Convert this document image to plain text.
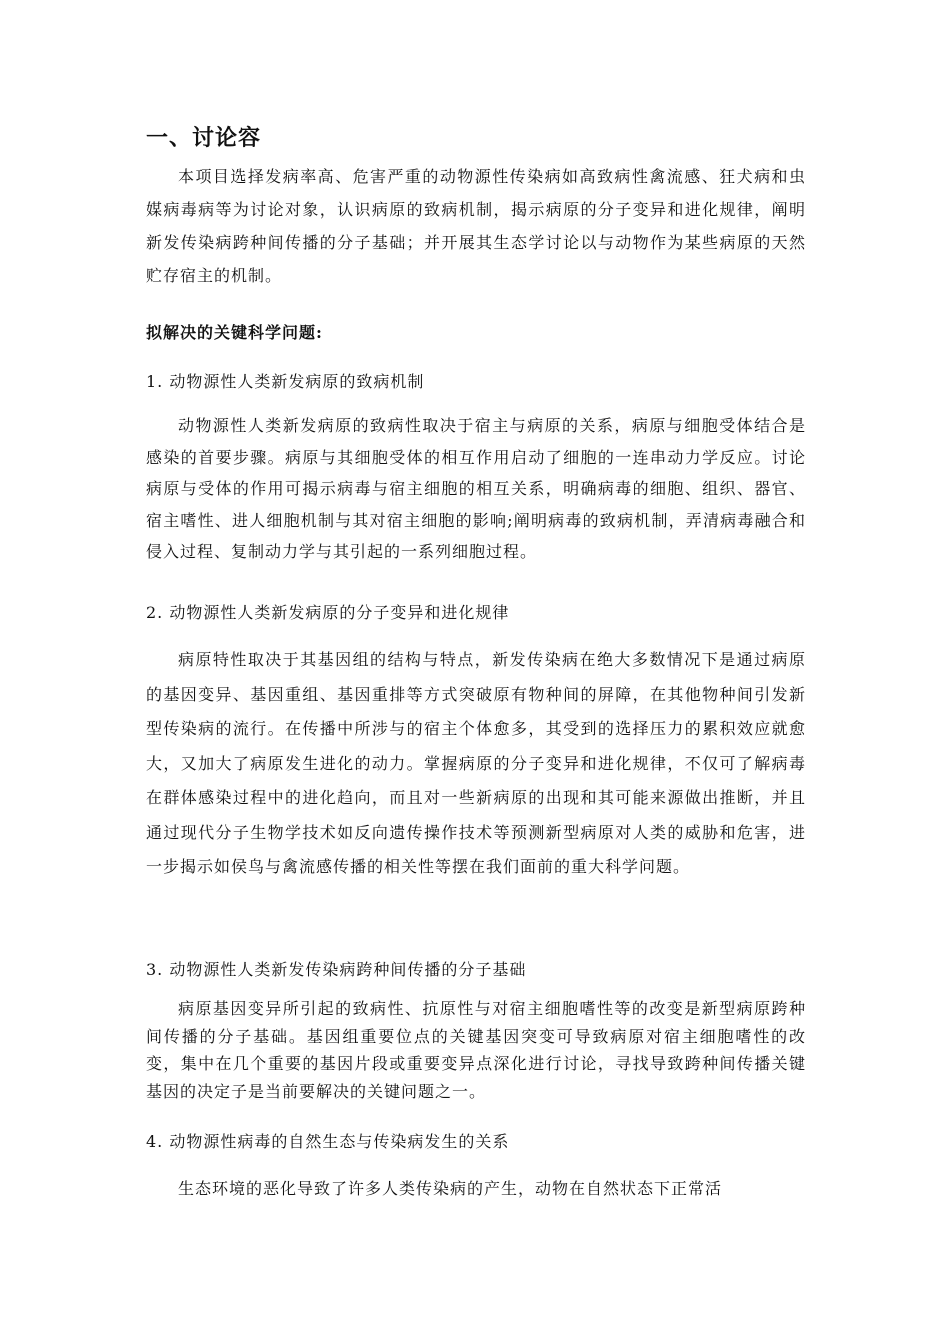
一、讨论容

本项目选择发病率高、危害严重的动物源性传染病如高致病性禽流感、狂犬病和虫媒病毒病等为讨论对象，认识病原的致病机制，揭示病原的分子变异和进化规律，阐明新发传染病跨种间传播的分子基础；并开展其生态学讨论以与动物作为某些病原的天然贮存宿主的机制。

拟解决的关键科学问题:
1. 动物源性人类新发病原的致病机制

动物源性人类新发病原的致病性取决于宿主与病原的关系，病原与细胞受体结合是感染的首要步骤。病原与其细胞受体的相互作用启动了细胞的一连串动力学反应。讨论病原与受体的作用可揭示病毒与宿主细胞的相互关系，明确病毒的细胞、组织、器官、宿主嗜性、进人细胞机制与其对宿主细胞的影响;阐明病毒的致病机制，弄清病毒融合和侵入过程、复制动力学与其引起的一系列细胞过程。

2. 动物源性人类新发病原的分子变异和进化规律

病原特性取决于其基因组的结构与特点，新发传染病在绝大多数情况下是通过病原的基因变异、基因重组、基因重排等方式突破原有物种间的屏障，在其他物种间引发新型传染病的流行。在传播中所涉与的宿主个体愈多，其受到的选择压力的累积效应就愈大，又加大了病原发生进化的动力。掌握病原的分子变异和进化规律，不仅可了解病毒在群体感染过程中的进化趋向，而且对一些新病原的出现和其可能来源做出推断，并且通过现代分子生物学技术如反向遗传操作技术等预测新型病原对人类的威胁和危害，进一步揭示如侯鸟与禽流感传播的相关性等摆在我们面前的重大科学问题。

3. 动物源性人类新发传染病跨种间传播的分子基础

病原基因变异所引起的致病性、抗原性与对宿主细胞嗜性等的改变是新型病原跨种间传播的分子基础。基因组重要位点的关键基因突变可导致病原对宿主细胞嗜性的改变，集中在几个重要的基因片段或重要变异点深化进行讨论，寻找导致跨种间传播关键基因的决定子是当前要解决的关键问题之一。

4. 动物源性病毒的自然生态与传染病发生的关系

生态环境的恶化导致了许多人类传染病的产生，动物在自然状态下正常活
